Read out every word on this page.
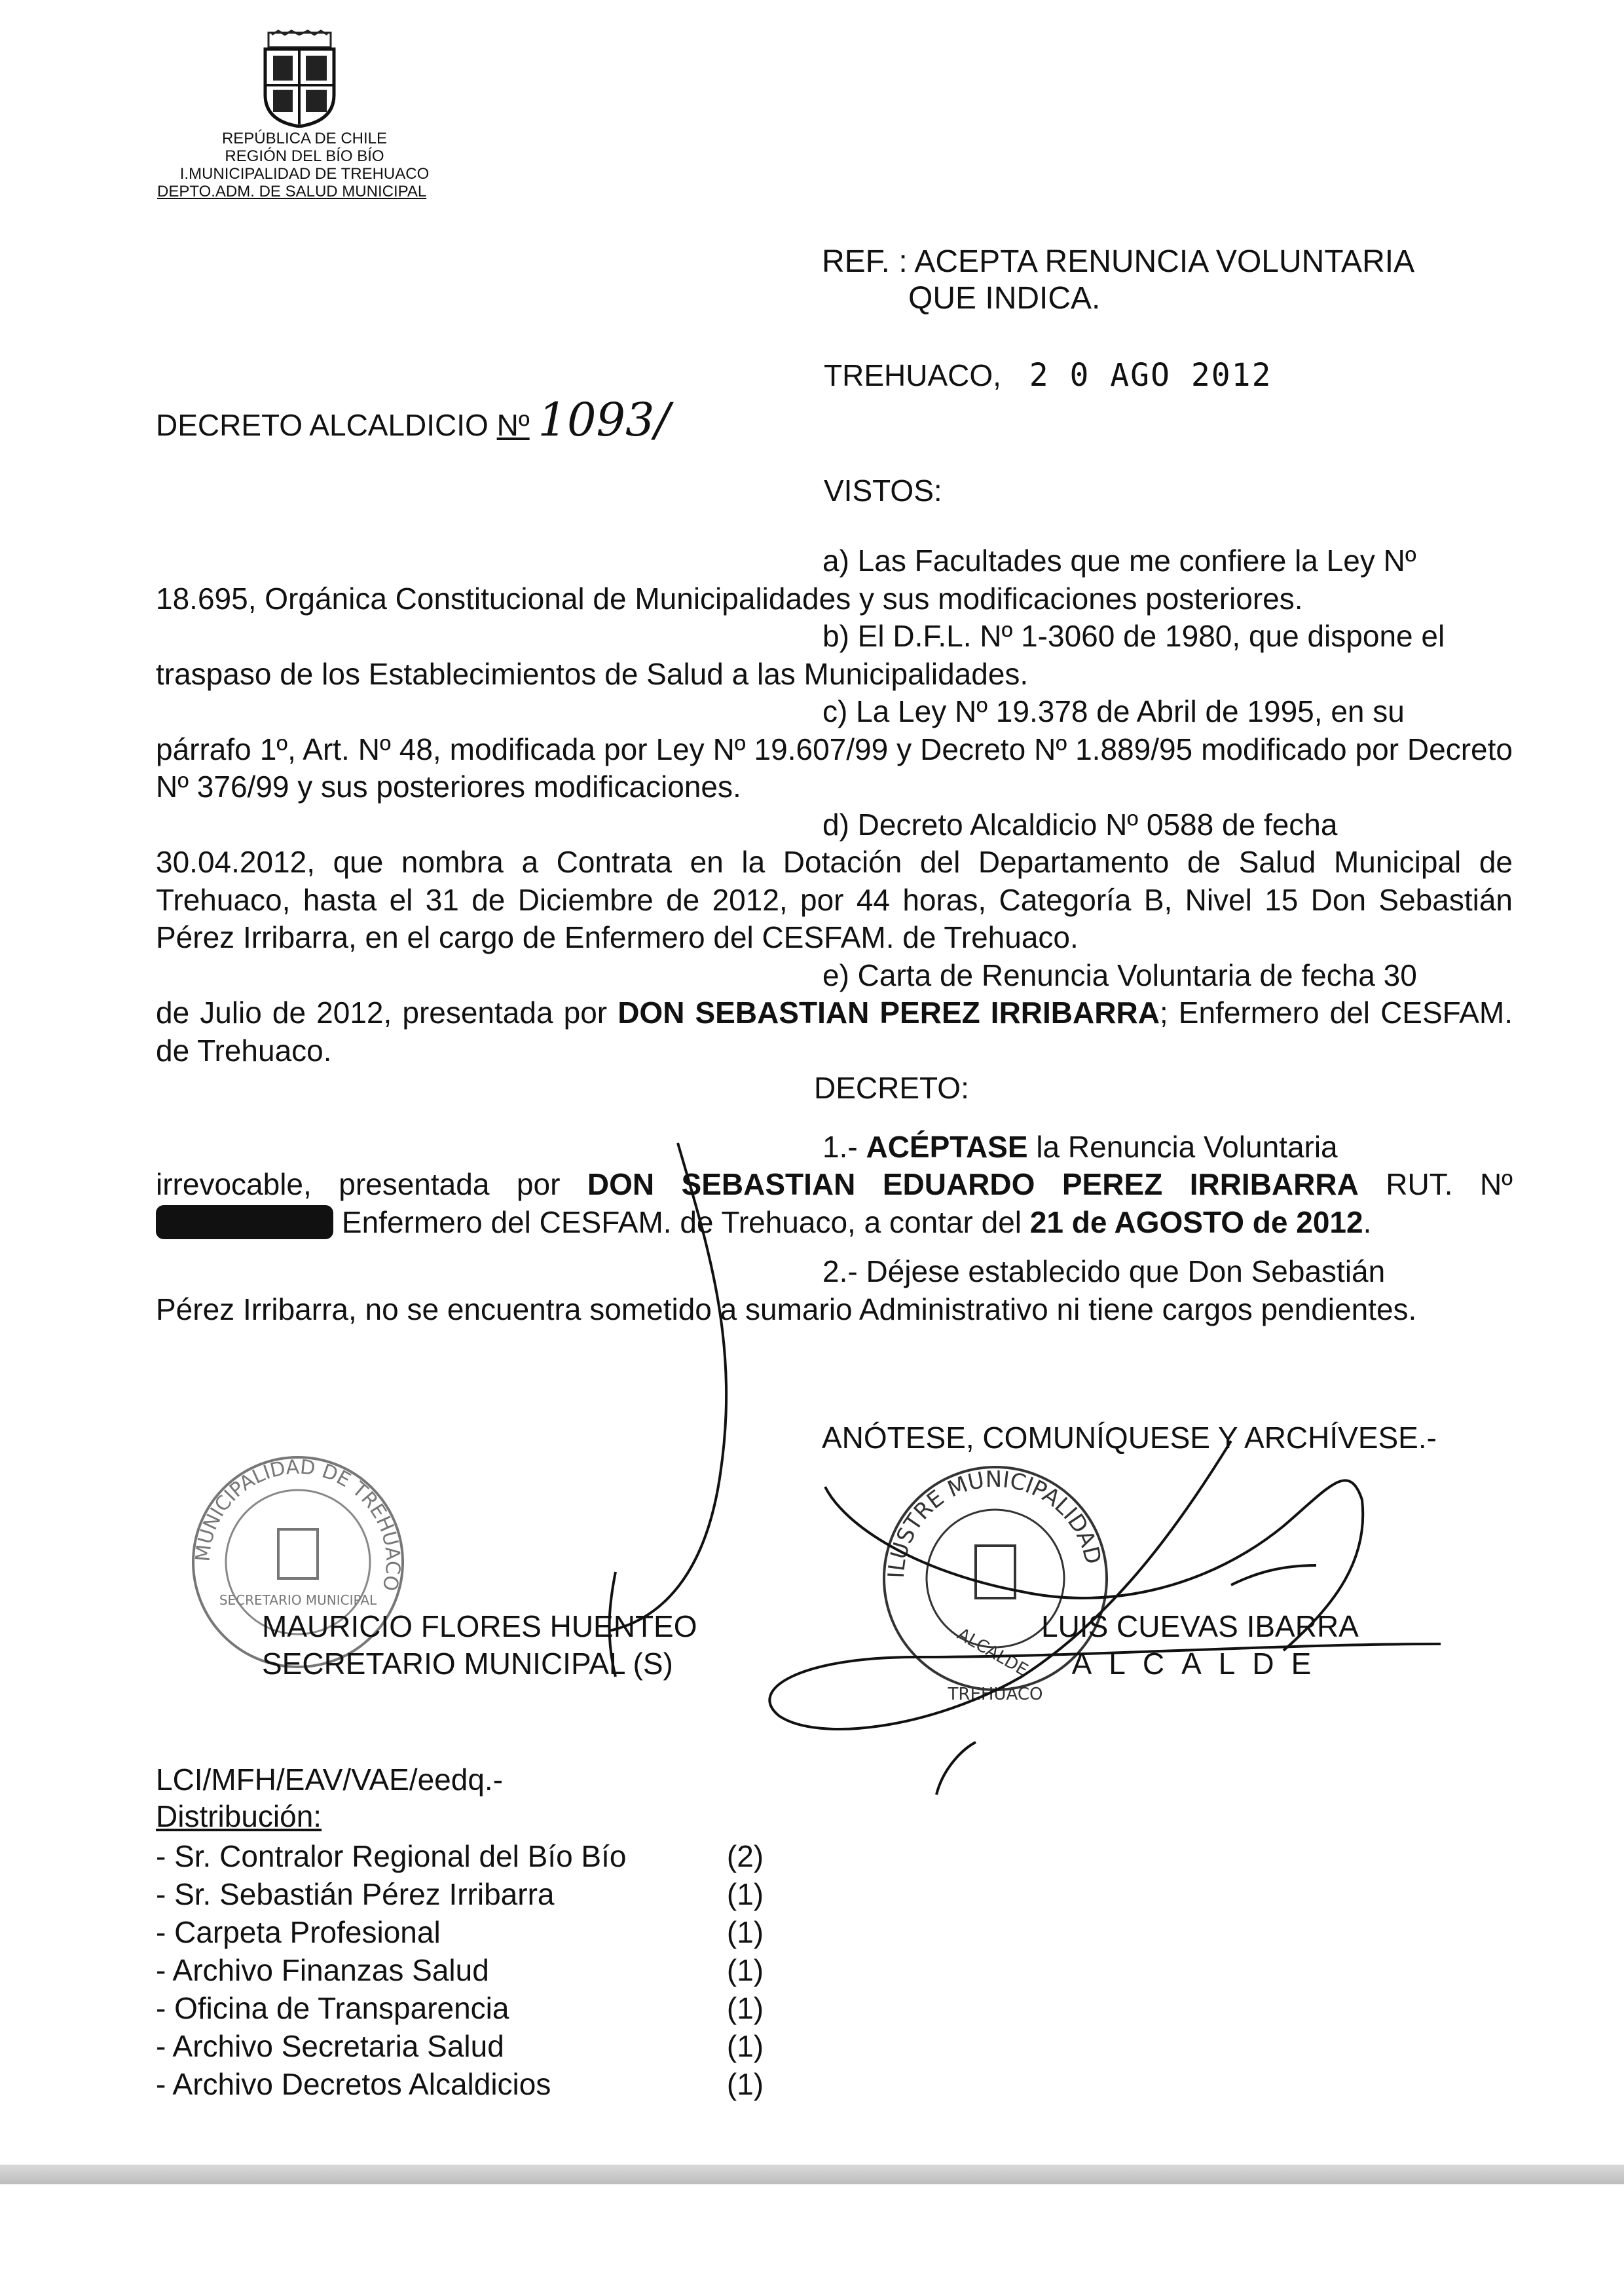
REPÚBLICA DE CHILE
REGIÓN DEL BÍO BÍO
I.MUNICIPALIDAD DE TREHUACO
DEPTO.ADM. DE SALUD MUNICIPAL
REF. : ACEPTA RENUNCIA VOLUNTARIA
QUE INDICA.
TREHUACO, 2 0 AGO 2012
DECRETO ALCALDICIO Nº 1093/
VISTOS:

a) Las Facultades que me confiere la Ley Nº

18.695, Orgánica Constitucional de Municipalidades y sus modificaciones posteriores.

b) El D.F.L. Nº 1-3060 de 1980, que dispone el

traspaso de los Establecimientos de Salud a las Municipalidades.

c) La Ley Nº 19.378 de Abril de 1995, en su

párrafo 1º, Art. Nº 48, modificada por Ley Nº 19.607/99 y Decreto Nº 1.889/95 modificado por Decreto Nº 376/99 y sus posteriores modificaciones.

d) Decreto Alcaldicio Nº 0588 de fecha

30.04.2012, que nombra a Contrata en la Dotación del Departamento de Salud Municipal de Trehuaco, hasta el 31 de Diciembre de 2012, por 44 horas, Categoría B, Nivel 15 Don Sebastián Pérez Irribarra, en el cargo de Enfermero del CESFAM. de Trehuaco.

e) Carta de Renuncia Voluntaria de fecha 30

de Julio de 2012, presentada por DON SEBASTIAN PEREZ IRRIBARRA; Enfermero del CESFAM. de Trehuaco.

DECRETO:

1.- ACÉPTASE la Renuncia Voluntaria

irrevocable, presentada por DON SEBASTIAN EDUARDO PEREZ IRRIBARRA RUT. Nº 16.496.447-7 Enfermero del CESFAM. de Trehuaco, a contar del 21 de AGOSTO de 2012.

2.- Déjese establecido que Don Sebastián

Pérez Irribarra, no se encuentra sometido a sumario Administrativo ni tiene cargos pendientes.

ANÓTESE, COMUNÍQUESE Y ARCHÍVESE.-
MUNICIPALIDAD DE TREHUACO
SECRETARIO MUNICIPAL
ILUSTRE MUNICIPALIDAD
ALCALDE
TREHUACO
MAURICIO FLORES HUENTEO
SECRETARIO MUNICIPAL (S)
LUIS CUEVAS IBARRA
ALCALDE
LCI/MFH/EAV/VAE/eedq.-
Distribución:
- Sr. Contralor Regional del Bío Bío	(2)
- Sr. Sebastián Pérez Irribarra	(1)
- Carpeta Profesional	(1)
- Archivo Finanzas Salud	(1)
- Oficina de Transparencia	(1)
- Archivo Secretaria Salud	(1)
- Archivo Decretos Alcaldicios	(1)
